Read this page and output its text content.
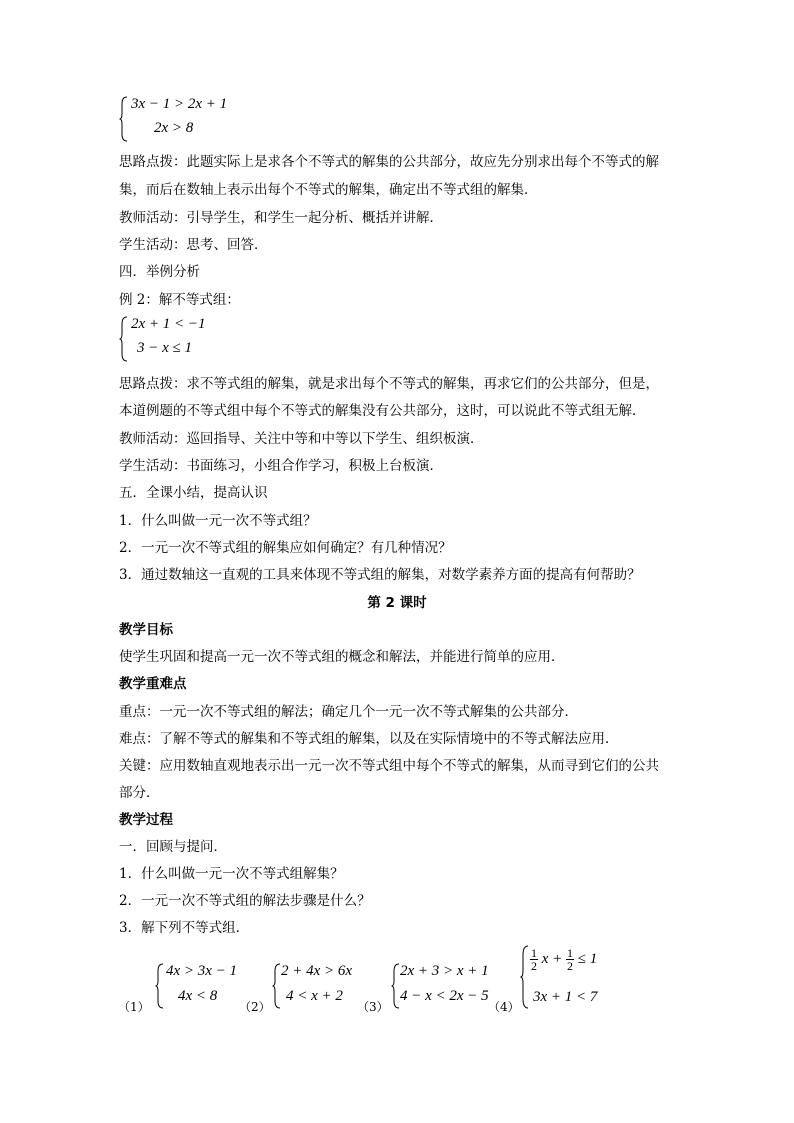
3x − 1 > 2x + 1
2x > 8
思路点拨：此题实际上是求各个不等式的解集的公共部分，故应先分别求出每个不等式的解
集，而后在数轴上表示出每个不等式的解集，确定出不等式组的解集．
教师活动：引导学生，和学生一起分析、概括并讲解．
学生活动：思考、回答．
四．举例分析
例 2：解不等式组：
2x + 1 < −1
3 − x ≤ 1
思路点拨：求不等式组的解集，就是求出每个不等式的解集，再求它们的公共部分，但是，
本道例题的不等式组中每个不等式的解集没有公共部分，这时，可以说此不等式组无解．
教师活动：巡回指导、关注中等和中等以下学生、组织板演．
学生活动：书面练习，小组合作学习，积极上台板演．
五．全课小结，提高认识
1．什么叫做一元一次不等式组？
2．一元一次不等式组的解集应如何确定？有几种情况？
3．通过数轴这一直观的工具来体现不等式组的解集，对数学素养方面的提高有何帮助？
第 2 课时
教学目标
使学生巩固和提高一元一次不等式组的概念和解法，并能进行简单的应用．
教学重难点
重点：一元一次不等式组的解法；确定几个一元一次不等式解集的公共部分．
难点：了解不等式的解集和不等式组的解集，以及在实际情境中的不等式解法应用．
关键：应用数轴直观地表示出一元一次不等式组中每个不等式的解集，从而寻到它们的公共
部分．
教学过程
一．回顾与提问．
1．什么叫做一元一次不等式组解集？
2．一元一次不等式组的解法步骤是什么？
3．解下列不等式组．
（1）
4x > 3x − 1
4x < 8
（2）
2 + 4x > 6x
4 < x + 2
（3）
2x + 3 > x + 1
4 − x < 2x − 5
（4）
$\frac{1}{2}$ $x + \frac{1}{2} \le 1$
3x + 1 < 7
